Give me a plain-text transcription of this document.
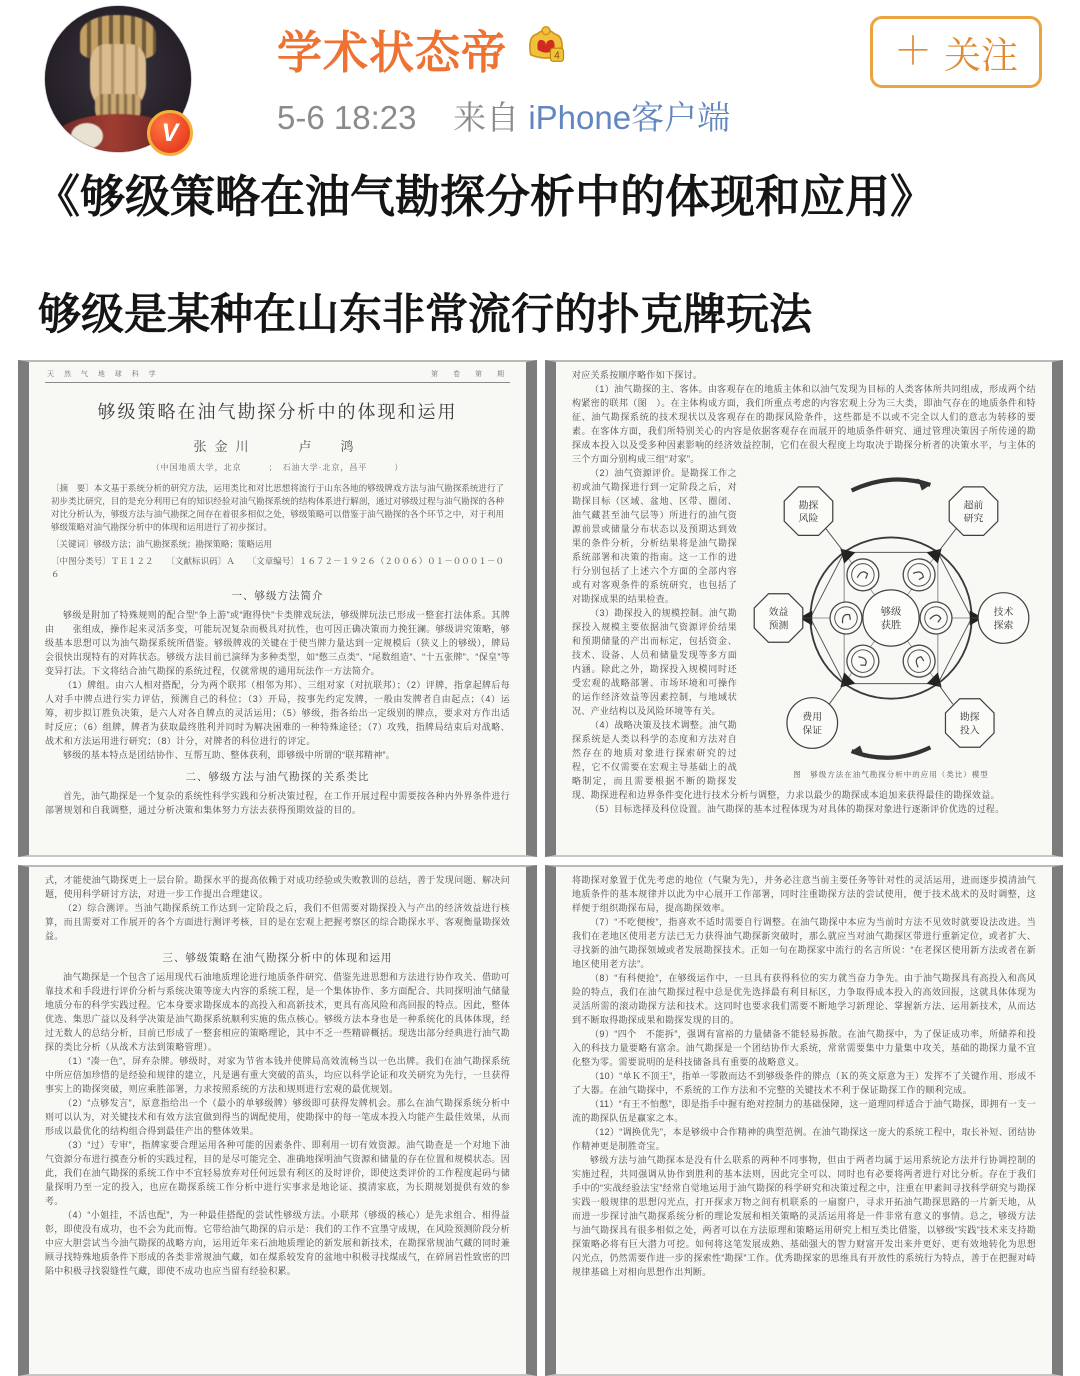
V
学术状态帝	4
5-6 18:23 来自 iPhone客户端
＋ 关注
《够级策略在油气勘探分析中的体现和应用》
够级是某种在山东非常流行的扑克牌玩法
天 然 气 地 球 科 学	第　卷　第　期
够级策略在油气勘探分析中的体现和运用
张金川　　卢　鸿
（中国地质大学，北京　　　；　石油大学·北京，昌平　　　）
〔摘　要〕本文基于系统分析的研究方法，运用类比和对比思想将流行于山东各地的够级牌戏方法与油气勘探系统进行了初步类比研究，目的是充分利用已有的知识经验对油气勘探系统的结构体系进行解剖，通过对够级过程与油气勘探的各种对比分析认为，够级方法与油气勘探之间存在着很多相似之处，够级策略可以借鉴于油气勘探的各个环节之中，对于利用够级策略对油气勘探分析中的体现和运用进行了初步探讨。
〔关键词〕够级方法；油气勘探系统；勘探策略；策略运用
〔中图分类号〕ＴＥ１２２　　〔文献标识码〕Ａ　　〔文章编号〕１６７２－１９２６（２００６）０１－０００１－０６
一、够级方法简介
够级是附加了特殊规则的配合型“争上游”或“跑得快”卡类牌戏玩法，够级牌玩法已形成一整套打法体系。其牌由　　张组成，操作起来灵活多变，可能玩况复杂而极具对抗性，也可因正确决策而力挽狂澜。够级讲究策略，够级基本思想可以为油气勘探系统所借鉴。够级牌戏的关键在于使当牌力量达到一定规模后（狭义上的够级），牌局会很快出现特有的对阵状态。够级方法目前已演绎为多种类型，如“憋三点类”、“尾数组造”、“十五张牌”、“保皇”等变异打法。下文将结合油气勘探的系统过程，仅就常规的通用玩法作一方法简介。
（1）牌组。由六人相对搭配，分为两个联邦（相邻为邦）、三组对家（对抗联邦）；（2）评牌，指拿起牌后每人对手中牌点进行实力评估，预测自己的科位；（3）开局，按事先约定发牌，一般由发牌者自由起点；（4）运筹，初步拟订胜负决策，是六人对各自牌点的灵活运用；（5）够级，指各绐出一定级别的牌点，要求对方作出适时反应；（6）组牌，牌者为获取最终胜利并同时为解决困难的一种特殊途径；（7）攻残，指牌局结束后对战略、战术和方法运用进行研究；（8）计分，对牌者的科位进行的评定。
够级的基本特点是团结协作、互帮互助、整体获利，即够级中所谓的“联邦精神”。
二、够级方法与油气勘探的关系类比
首先，油气勘探是一个复杂的系统性科学实践和分析决策过程，在工作开展过程中需要按各种内外界条件进行部署规划和自我调整，通过分析决策和集体努力方法去获得预期效益的目的。
对应关系按顺序略作如下探讨。
（1）油气勘探的主、客体。由客观存在的地质主体和以油气发现为目标的人类客体所共同组成，形成两个结构紧密的联邦（图　）。在主体构成方面，我们所重点考虑的内容宏观上分为三大类，即油气存在的地质条件和特征、油气勘探系统的技术现状以及客观存在的勘探风险条件，这些都是不以或不完全以人们的意志为转移的要素。在客体方面，我们所特别关心的内容是依据客观存在而展开的地质条件研究、通过管理决策因子所传递的勘探成本投入以及受多种因素影响的经济效益控制，它们在很大程度上均取决于勘探分析者的决策水平，与主体的三个方面分别构成三组“对家”。
够级
获胜
勘探
风险
超前
研究
效益
预测
技术
探索
费用
保证
勘探
投入
图　够级方法在油气勘探分析中的应用（类比）模型
（2）油气资源评价。是勘探工作之初或油气勘探进行到一定阶段之后，对勘探目标（区域、盆地、区带、圈闭、油气藏甚至油气层等）所进行的油气资源前景或储量分布状态以及预期达到效果的条件分析，分析结果将是油气勘探系统部署和决策的指南。这一工作的进行分别包括了上述六个方面的全部内容或有对客观条件的系统研究，也包括了对勘探成果的结果检查。
（3）勘探投入的规模控制。油气勘探投入规模主要依据油气资源评价结果和预期储量的产出而标定，包括资金、技术、设备、人员和储量发现等多方面内涵。除此之外，勘探投入规模同时还受宏观的战略部署、市场环境和可操作的运作经济效益等因素控制，与地域状况、产业结构以及风险环境等有关。
（4）战略决策及技术调整。油气勘探系统是人类以科学的态度和方法对自然存在的地质对象进行探索研究的过程，它不仅需要在宏观主导基础上的战略制定，而且需要根据不断的勘探发现、勘探进程和边界条件变化进行技术分析与调整，力求以最少的勘探成本追加来获得最佳的勘探效益。
（5）目标选择及科位设置。油气勘探的基本过程体现为对具体的勘探对象进行逐渐评价优选的过程。
式，才能使油气勘探更上一层台阶。勘探水平的提高依赖于对成功经验或失败教训的总结，善于发现问题、解决问题，使用科学研讨方法，对进一步工作提出合理建议。
（2）综合测评。当油气勘探系统工作达到一定阶段之后，我们不但需要对勘探投入与产出的经济效益进行核算，而且需要对工作展开的各个方面进行测评考核，目的是在宏观上把握考察区的综合勘探水平、客观衡量勘探效益。
三、够级策略在油气勘探分析中的体现和运用
油气勘探是一个包含了运用现代石油地质理论进行地质条件研究、借鉴先进思想和方法进行协作攻关、借助可靠技术和手段进行评价分析与系统决策等庞大内容的系统工程，是一个集体协作、多方面配合、共同探明油气储量地质分布的科学实践过程。它本身要求勘探成本的高投入和高新技术，更具有高风险和高回报的特点。因此，整体优选、集思广益以及科学决策是油气勘探系统顺利实施的焦点核心。够级方法本身也是一种系统化的具体体现，经过无数人的总结分析，目前已形成了一整套相应的策略理论，其中不乏一些精辟概括。现选出部分经典进行油气勘探的类比分析（从战术方法到策略管理）。
（1）“凑一色”，屏弃杂牌。够级时，对家为节省本钱并使牌局高效流畅当以一色出牌。我们在油气勘探系统中所应倍加珍惜的是经验和规律的建立，凡是遇有重大突破的苗头，均应以科学论证和攻关研究为先行，一旦获得事实上的勘探突破，则应乘胜部署，力求按照系统的方法和规则进行宏观的最优规划。
（2）“点够发言”，原意指给出一个（最小的单够级牌）够级即可获得发牌机会。那么在油气勘探系统分析中则可以认为，对关键技术和有效方法宜做到得当的调配使用，使勘探中的每一笔成本投入均能产生最佳效果，从而形成以最优化的结构组合得到最佳产出的整体效果。
（3）“过）专审”，指牌家要合理运用各种可能的因素条件、即利用一切有效资源。油气勘查是一个对地下油气资源分布进行摸查分析的实践过程，目的是尽可能完全、准确地探明油气资源和储量的存在位置和规模状态。因此，我们在油气勘探的系统工作中不宜轻易放弃对任何远景有利区的及时评价，即使这类评价的工作程度起码与储量探明乃至一定的投入，也应在勘探系统工作分析中进行实事求是地论证、摸清家底，为长期规划提供有效的参考。
（4）“小姐挂，不活也配”，为一种最佳搭配的尝试性够级方法。小联邦（够级的核心）是先求组合、相得益彰，即使没有成功，也不会为此而悔。它带给油气勘探的启示是：我们的工作不宜墨守成规，在风险预测阶段分析中应大胆尝试当今油气勘探的战略方向，运用近年来石油地质理论的新发展和新技术，在勘探常规油气藏的同时兼顾寻找特殊地质条件下形成的各类非常规油气藏，如在煤系较发育的盆地中积极寻找煤成气，在碎屑岩性致密的凹陷中积极寻找裂缝性气藏，即使不成功也应当留有经验积累。
将勘探对象置于优先考虑的地位（气聚为先），并务必注意当前主要任务等针对性的灵活运用，进而逐步摸清油气地质条件的基本规律并以此为中心展开工作部署，同时注重勘探方法的尝试使用，便于技术战术的及时调整，这样便于组织勘探布局，提高勘探效率。
（7）“不吃便梭”，指喜欢不适时需要自行调整。在油气勘探中本应为当前时方法不见效时就要设法改进。当我们在老地区使用老方法已无力获得油气勘探新突破时，那么就应当对油气勘探区带进行重新定位，或者扩大、寻找新的油气勘探领域或者发展勘探技术。正如一句在勘探家中流行的名言所说：“在老探区使用新方法或者在新地区使用老方法”。
（8）“有科便抢”，在够级运作中，一旦具有获得科位的实力就当奋力争先。由于油气勘探具有高投入和高风险的特点，我们在油气勘探过程中总是优先选择最有利目标区，力争取得成本投入的高效回报，这就具体体现为灵活所需的滚动勘探方法和技术。这同时也要求我们需要不断地学习新理论、掌握新方法、运用新技术，从而达到不断取得勘探成果和勘探发现的目的。
（9）“四个　不能拆”，强调有富裕的力量储备不能轻易拆散。在油气勘探中，为了保证成功率，所储养和投入的科技力量要略有富余。油气勘探是一个团结协作大系统，常常需要集中力量集中攻关，基础的勘探力量不宜化整为零。需要说明的是科技储备具有重要的战略意义。
（10）“单Ｋ不顶王”，指单一零散而达不到够级条件的牌点（Ｋ的英文原意为王）发挥不了关键作用、形成不了大器。在油气勘探中，不系统的工作方法和不完整的关键技术不利于保证勘探工作的顺利完成。
（11）“有王不怕憋”，即是指手中握有绝对控制力的基础保障，这一道理同样适合于油气勘探，即拥有一支一流的勘探队伍是赢家之本。
（12）“调换优先”，本是够级中合作精神的典型范例。在油气勘探这一庞大的系统工程中，取长补短、团结协作精神更是制胜奇宝。
够级方法与油气勘探本是没有什么联系的两种不同事物，但由于两者均属于运用系统论方法并行协调控制的实施过程，共同强调从协作到胜利的基本法则，因此完全可以、同时也有必要将两者进行对比分析。存在于我们手中的“实战经验法宝”经常自觉地运用于油气勘探的科学研究和决策过程之中，注重在甲素间寻找科学研究与勘探实践一般规律的思想闪光点，打开探求万物之间有机联系的一扇窗户，寻求开拓油气勘探思路的一片新天地，从而进一步探讨油气勘探系统分析的理论发展和相关策略的灵活运用将是一件非常有意义的事情。总之，够级方法与油气勘探具有很多相似之处，两者可以在方法原理和策略运用研究上相互类比借鉴，以够级“实践”技术来支持勘探策略必将有巨大潜力可挖。如何将这笔发展成熟、基础强大的智力财富开发出来并更好、更有效地转化为思想闪光点，仍然需要作进一步的探索性“勘探”工作。优秀勘探家的思维具有开放性的系统行为特点，善于在把握对峙规律基础上对相向思想作出判断。
